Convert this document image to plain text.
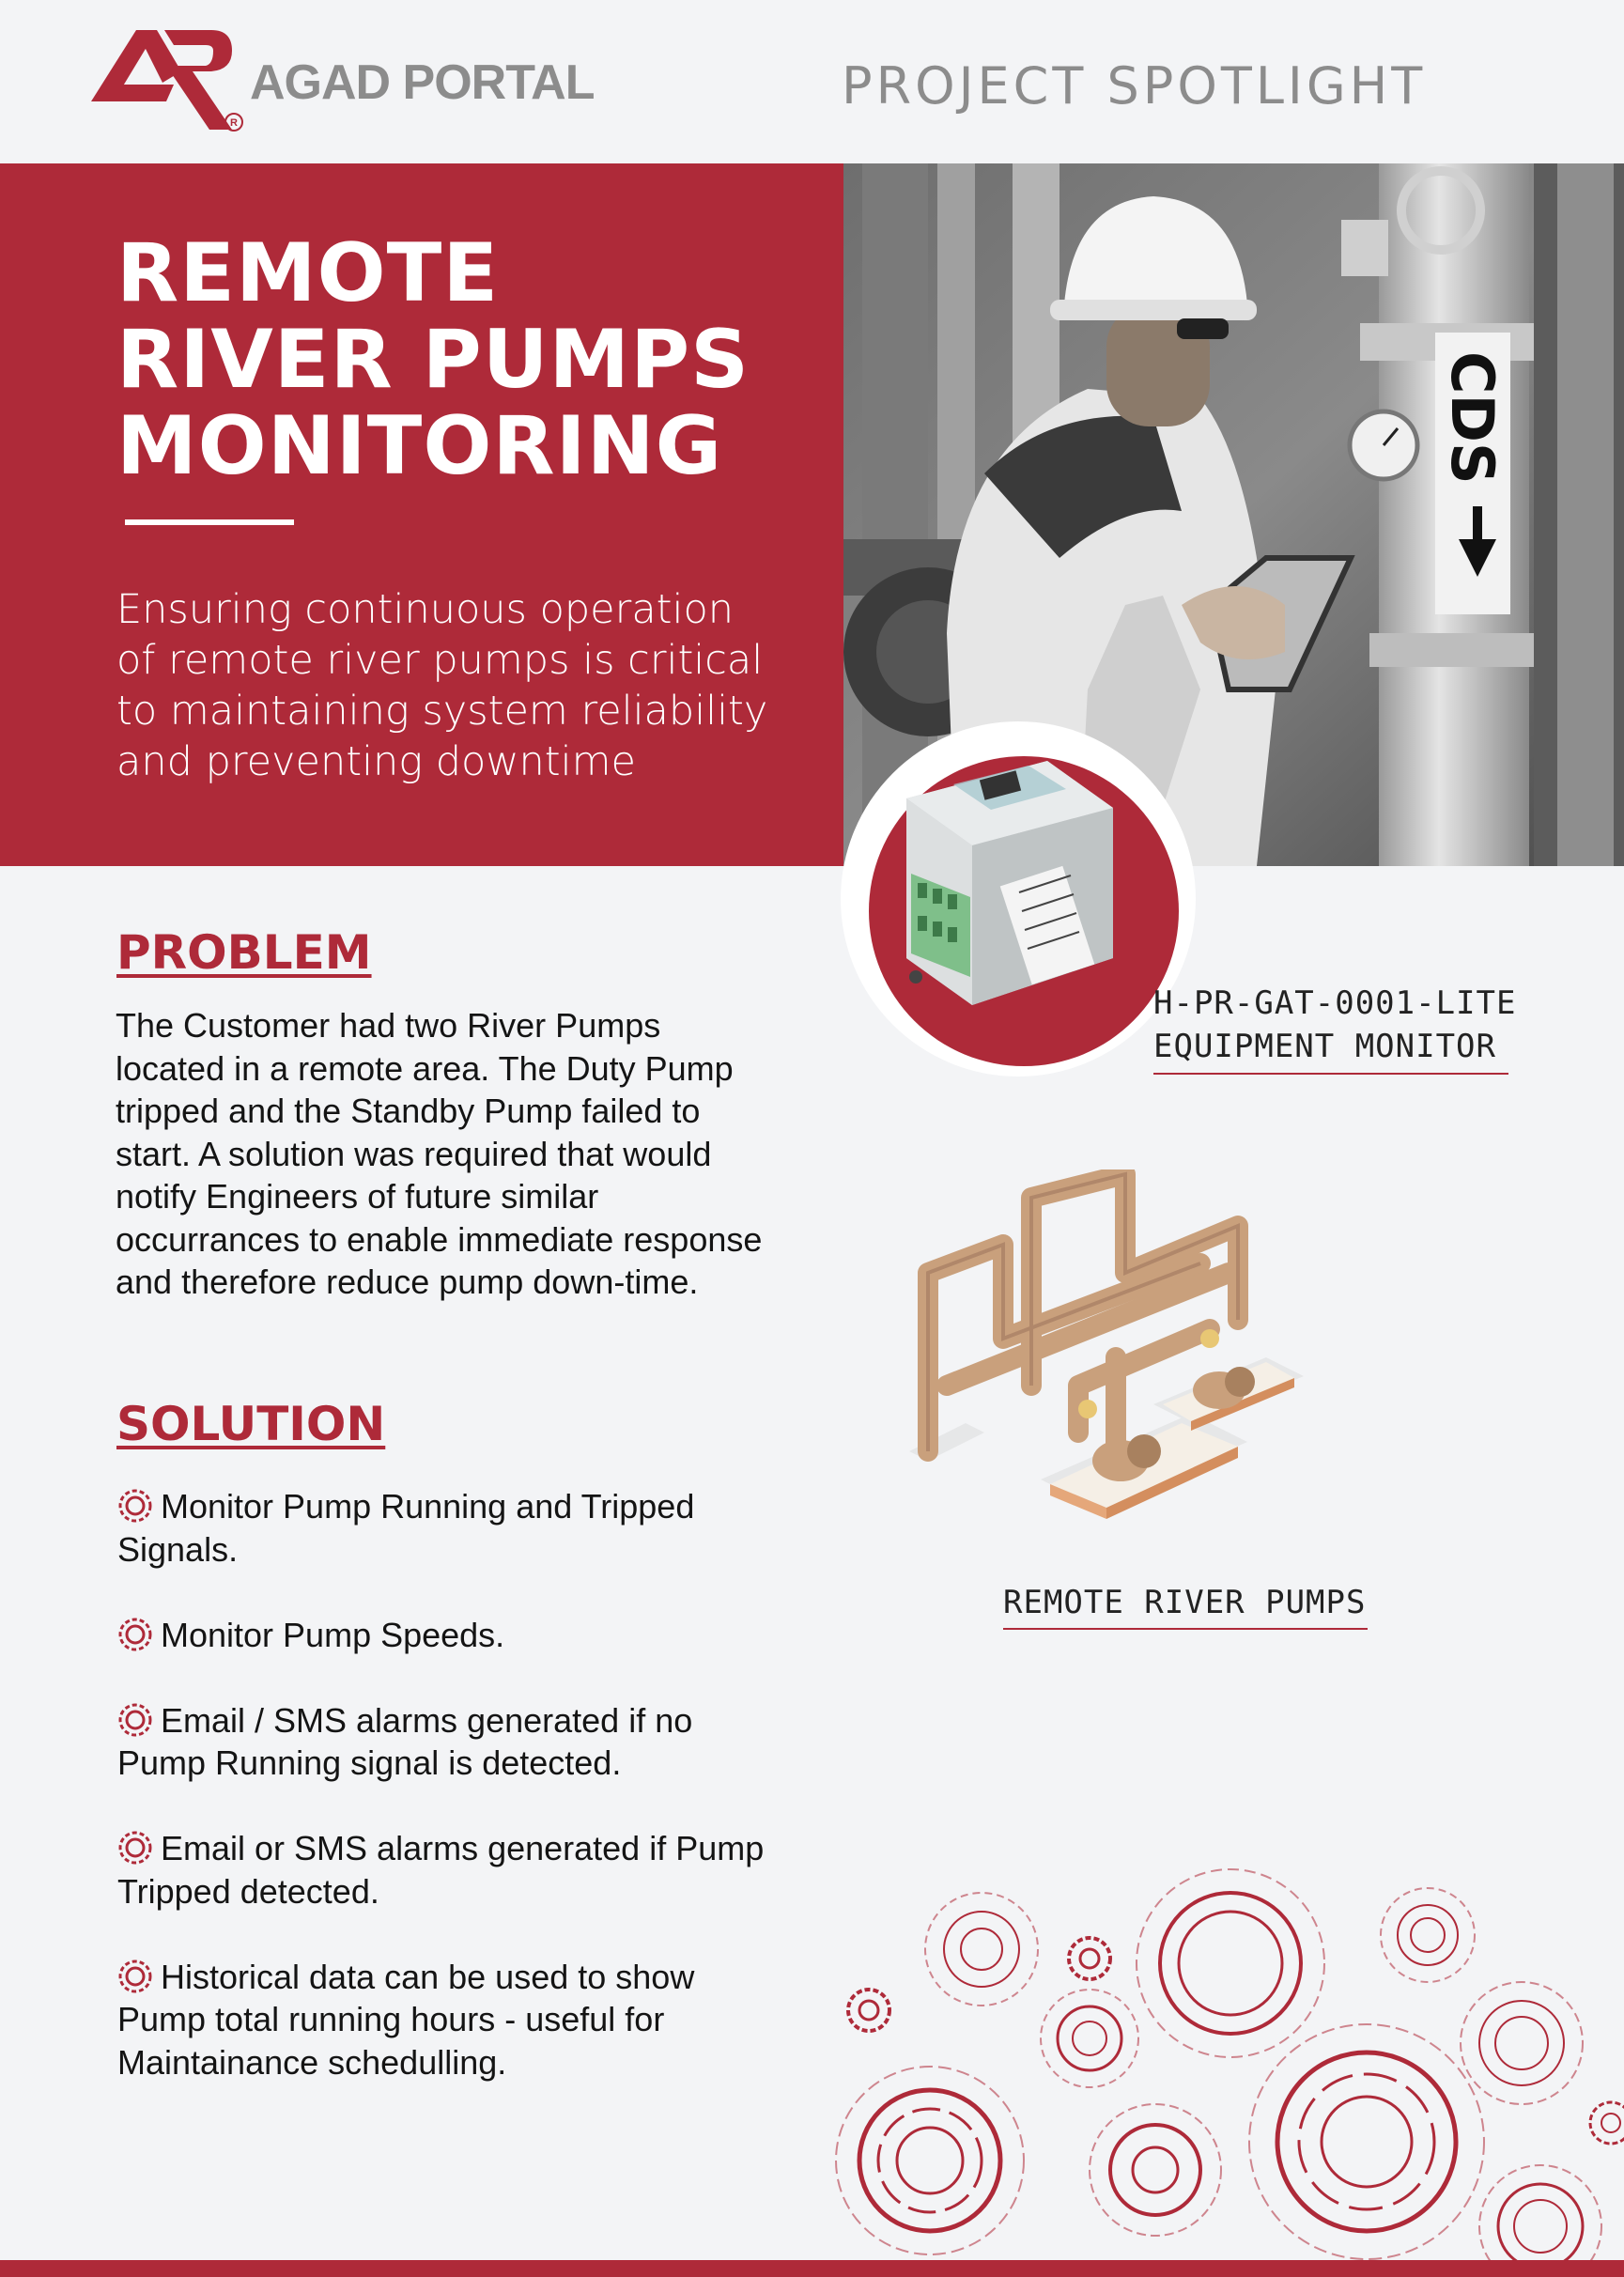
R
AGAD PORTAL	PROJECT SPOTLIGHT
REMOTE
RIVER PUMPS
MONITORING

Ensuring continuous operation of remote river pumps is critical to maintaining system reliability and preventing downtime

CDS
H-PR-GAT-0001-LITE
EQUIPMENT MONITOR
REMOTE RIVER PUMPS
PROBLEM

The Customer had two River Pumps located in a remote area. The Duty Pump tripped and the Standby Pump failed to start. A solution was required that would notify Engineers of future similar occurrances to enable immediate response and therefore reduce pump down-time.

SOLUTION
Monitor Pump Running and Tripped Signals.
Monitor Pump Speeds.
Email / SMS alarms generated if no Pump Running signal is detected.
Email or SMS alarms generated if Pump Tripped detected.
Historical data can be used to show Pump total running hours - useful for Maintainance schedulling.
